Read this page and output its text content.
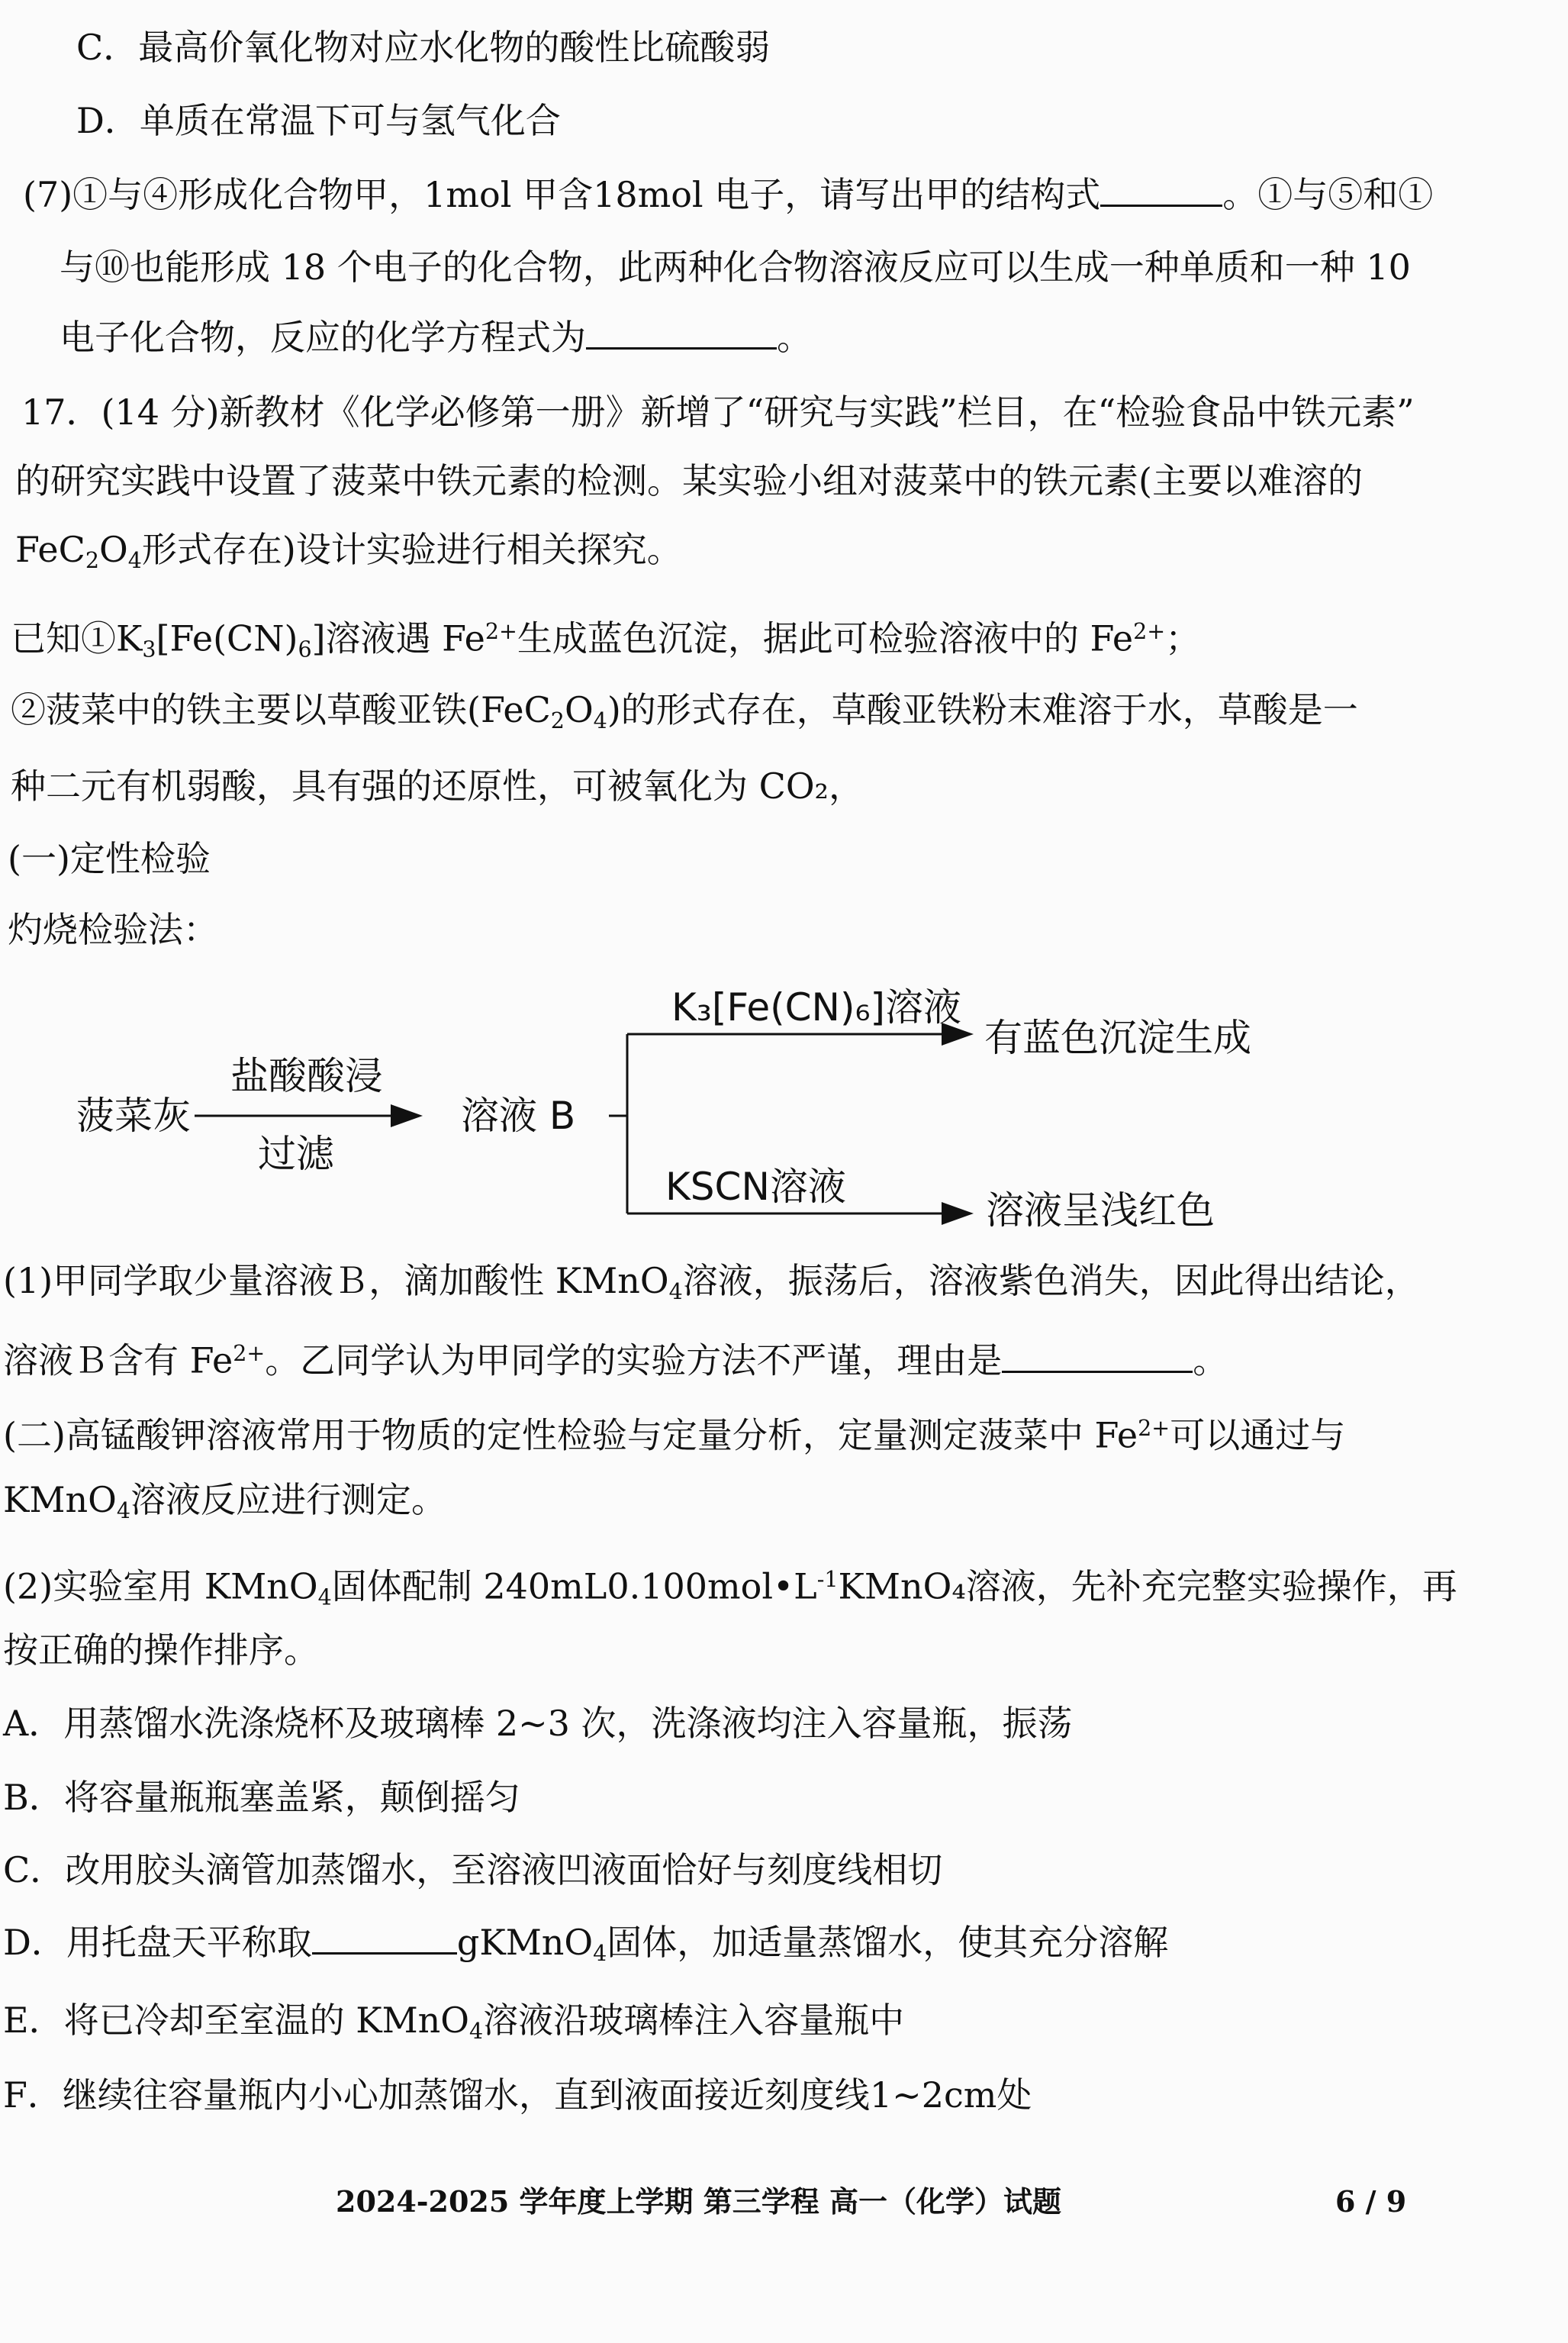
C．最高价氧化物对应水化物的酸性比硫酸弱
D．单质在常温下可与氢气化合
(7)①与④形成化合物甲，1mol 甲含18mol 电子，请写出甲的结构式	。①与⑤和①
与⑩也能形成 18 个电子的化合物，此两种化合物溶液反应可以生成一种单质和一种 10
电子化合物，反应的化学方程式为	。
17．(14 分)新教材《化学必修第一册》新增了“研究与实践”栏目，在“检验食品中铁元素”
的研究实践中设置了菠菜中铁元素的检测。某实验小组对菠菜中的铁元素(主要以难溶的
$FeC_2O_4$形式存在)设计实验进行相关探究。
已知$①K_3[Fe(CN)_6]$溶液遇 $Fe^{2+}$生成蓝色沉淀，据此可检验溶液中的 $Fe^{2+}$；
②菠菜中的铁主要以草酸亚铁$(FeC_2O_4)$的形式存在，草酸亚铁粉末难溶于水，草酸是一
种二元有机弱酸，具有强的还原性，可被氧化为 CO₂，
(一)定性检验
灼烧检验法：
菠菜灰
盐酸酸浸
过滤
溶液 B
K₃[Fe(CN)₆]溶液
有蓝色沉淀生成
KSCN溶液
溶液呈浅红色
(1)甲同学取少量溶液Ｂ，滴加酸性 KMnO$_4$溶液，振荡后，溶液紫色消失，因此得出结论，
溶液Ｂ含有 $Fe^{2+}$。乙同学认为甲同学的实验方法不严谨，理由是	。
(二)高锰酸钾溶液常用于物质的定性检验与定量分析，定量测定菠菜中 $Fe^{2+}$可以通过与
KMnO$_4$溶液反应进行测定。
(2)实验室用 KMnO$_4$固体配制 $240mL0.100mol•L^{-1}KMnO_4$溶液，先补充完整实验操作，再
按正确的操作排序。
A．用蒸馏水洗涤烧杯及玻璃棒 2~3 次，洗涤液均注入容量瓶，振荡
B．将容量瓶瓶塞盖紧，颠倒摇匀
C．改用胶头滴管加蒸馏水，至溶液凹液面恰好与刻度线相切
D．用托盘天平称取	gKMnO$_4$固体，加适量蒸馏水，使其充分溶解
E．将已冷却至室温的 KMnO$_4$溶液沿玻璃棒注入容量瓶中
F．继续往容量瓶内小心加蒸馏水，直到液面接近刻度线1~2cm处
2024-2025 学年度上学期 第三学程 高一（化学）试题	6 / 9
